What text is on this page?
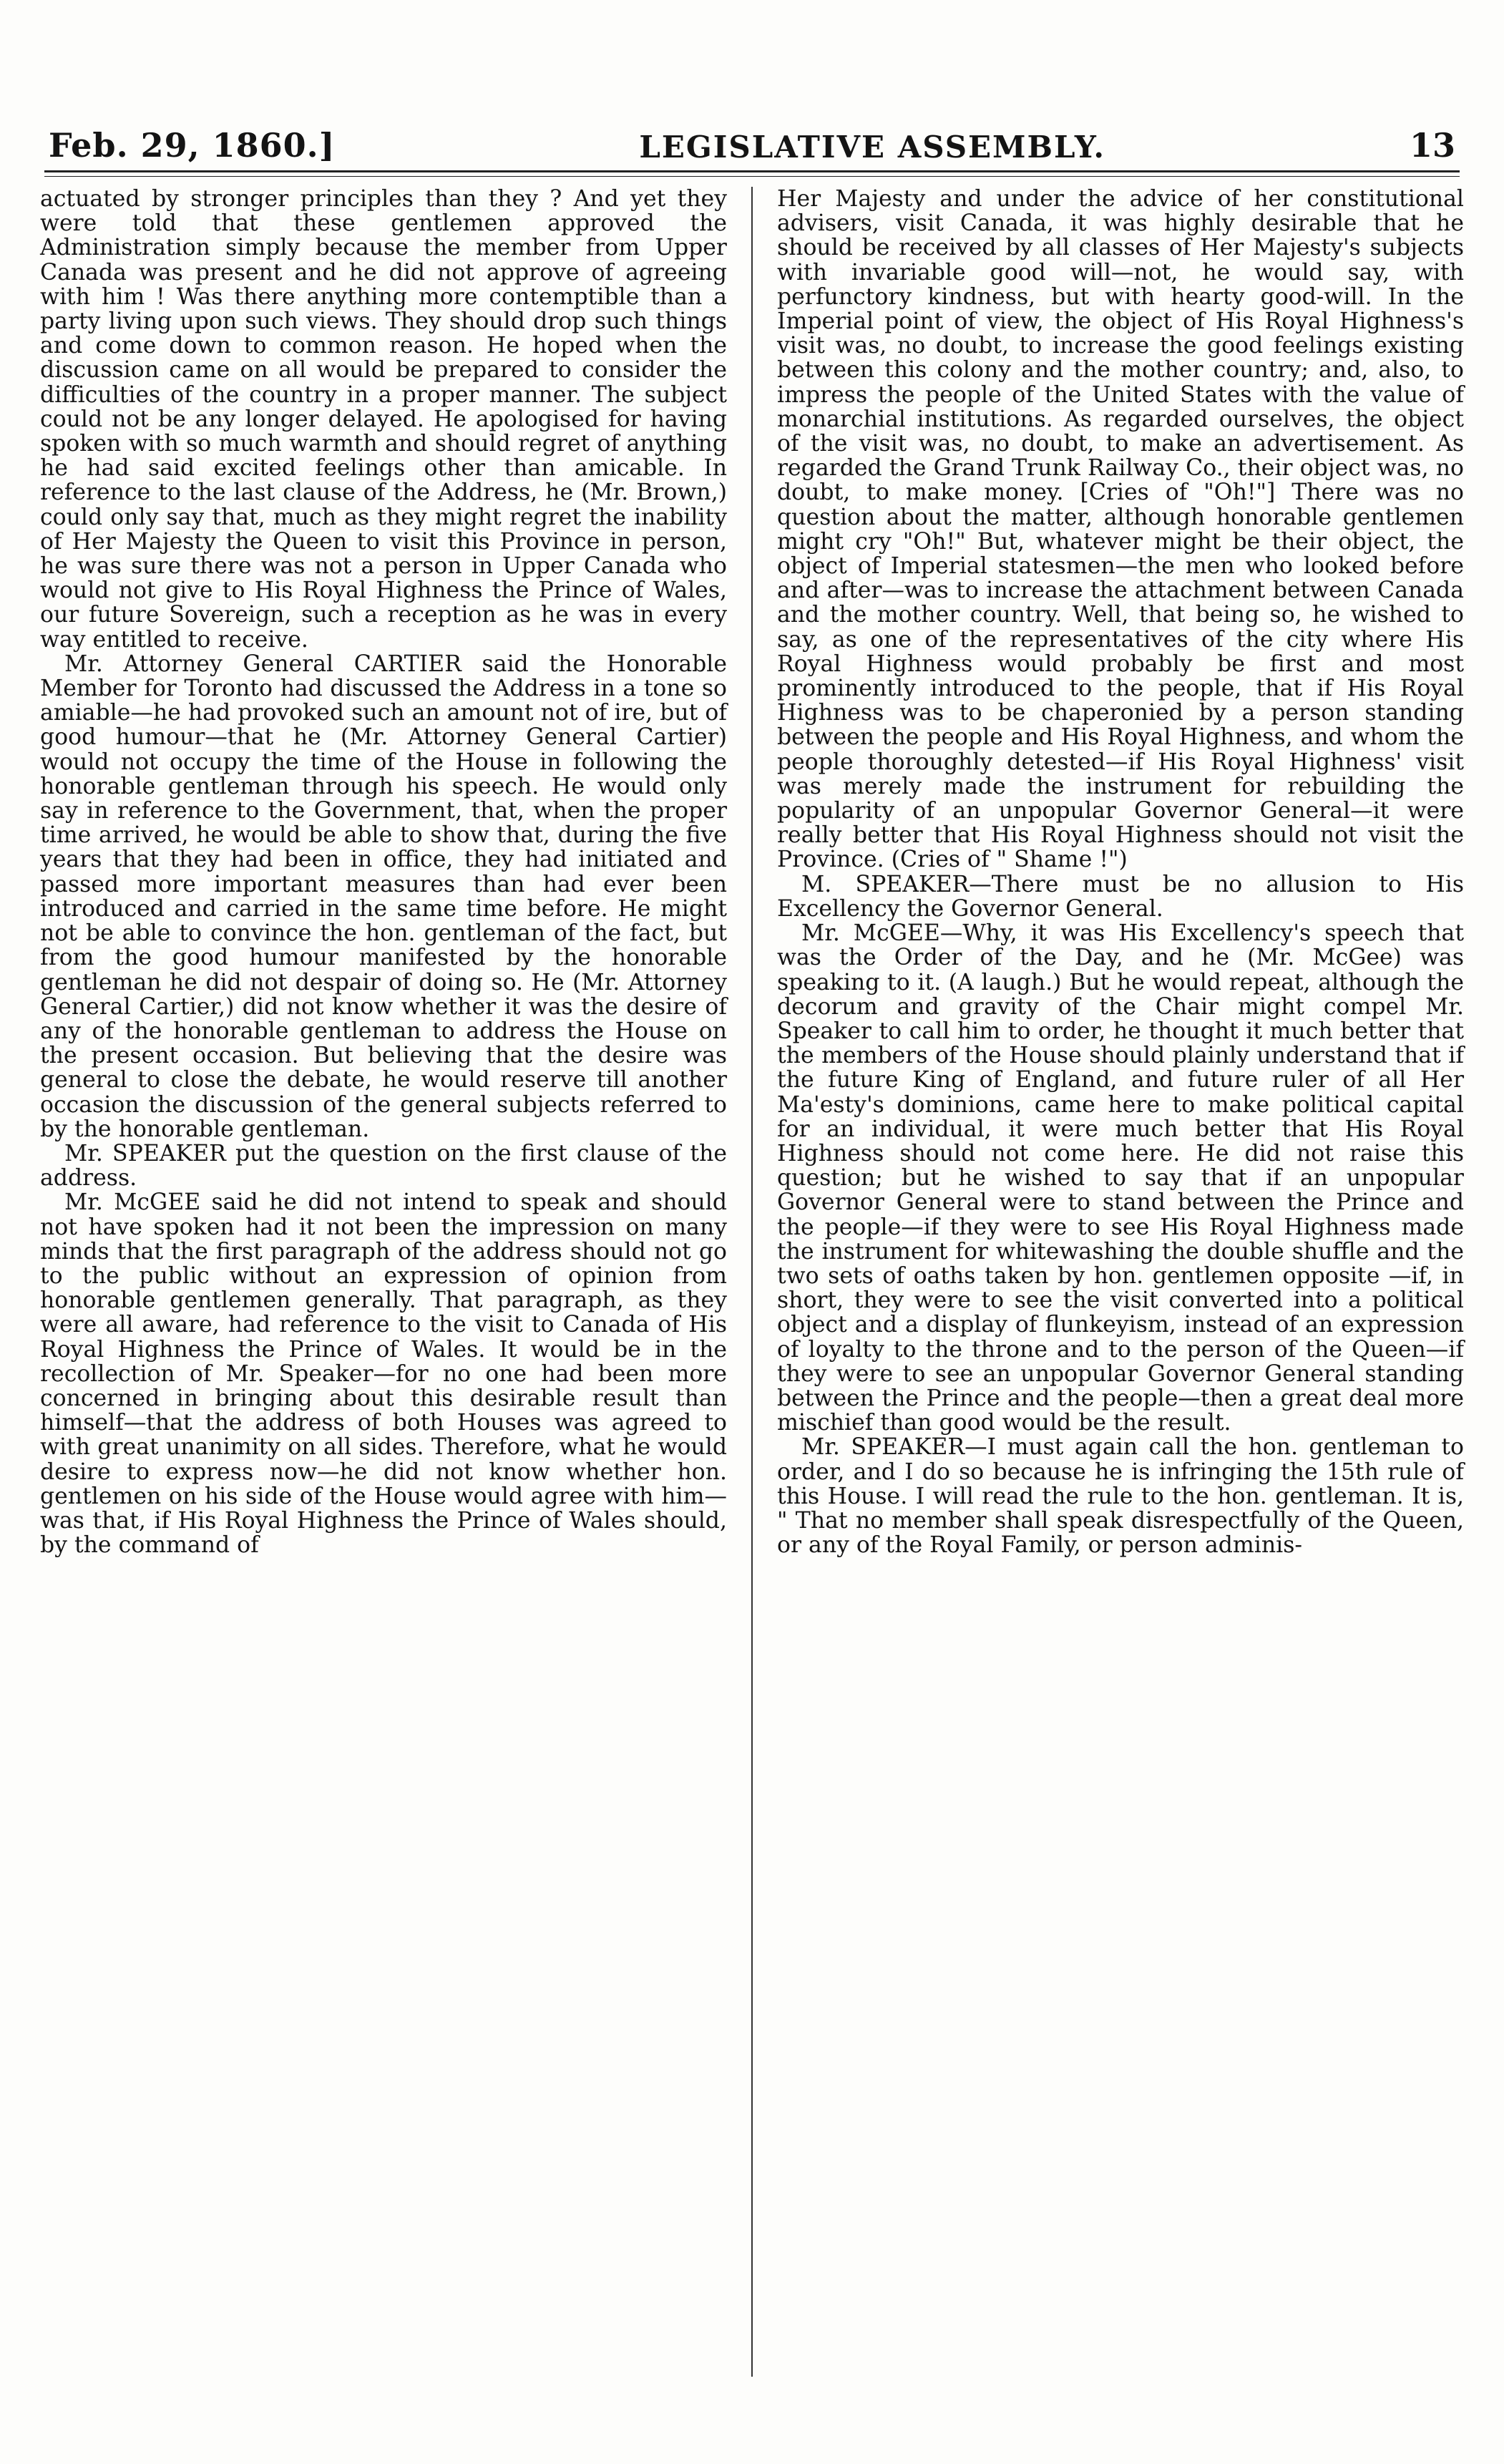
Feb. 29, 1860.]	LEGISLATIVE ASSEMBLY.	13

actuated by stronger principles than they ? And yet they were told that these gentlemen approved the Administration simply because the member from Upper Canada was present and he did not approve of agreeing with him ! Was there anything more contemptible than a party living upon such views. They should drop such things and come down to common reason. He hoped when the discussion came on all would be prepared to consider the difficulties of the country in a proper manner. The subject could not be any longer delayed. He apologised for having spoken with so much warmth and should regret of anything he had said excited feelings other than amicable. In reference to the last clause of the Address, he (Mr. Brown,) could only say that, much as they might regret the inability of Her Majesty the Queen to visit this Province in person, he was sure there was not a person in Upper Canada who would not give to His Royal Highness the Prince of Wales, our future Sovereign, such a reception as he was in every way entitled to receive.

Mr. Attorney General CARTIER said the Honorable Member for Toronto had discussed the Address in a tone so amiable—he had provoked such an amount not of ire, but of good humour—that he (Mr. Attorney General Cartier) would not occupy the time of the House in following the honorable gentleman through his speech. He would only say in reference to the Government, that, when the proper time arrived, he would be able to show that, during the five years that they had been in office, they had initiated and passed more important measures than had ever been introduced and carried in the same time before. He might not be able to convince the hon. gentleman of the fact, but from the good humour manifested by the honorable gentleman he did not despair of doing so. He (Mr. Attorney General Cartier,) did not know whether it was the desire of any of the honorable gentleman to address the House on the present occasion. But believing that the desire was general to close the debate, he would reserve till another occasion the discussion of the general subjects referred to by the honorable gentleman.

Mr. SPEAKER put the question on the first clause of the address.

Mr. McGEE said he did not intend to speak and should not have spoken had it not been the impression on many minds that the first paragraph of the address should not go to the public without an expression of opinion from honorable gentlemen generally. That paragraph, as they were all aware, had reference to the visit to Canada of His Royal Highness the Prince of Wales. It would be in the recollection of Mr. Speaker—for no one had been more concerned in bringing about this desirable result than himself—that the address of both Houses was agreed to with great unanimity on all sides. Therefore, what he would desire to express now—he did not know whether hon. gentlemen on his side of the House would agree with him—was that, if His Royal Highness the Prince of Wales should, by the command of

Her Majesty and under the advice of her constitutional advisers, visit Canada, it was highly desirable that he should be received by all classes of Her Majesty's subjects with invariable good will—not, he would say, with perfunctory kindness, but with hearty good-will. In the Imperial point of view, the object of His Royal Highness's visit was, no doubt, to increase the good feelings existing between this colony and the mother country; and, also, to impress the people of the United States with the value of monarchial institutions. As regarded ourselves, the object of the visit was, no doubt, to make an advertisement. As regarded the Grand Trunk Railway Co., their object was, no doubt, to make money. [Cries of "Oh!"] There was no question about the matter, although honorable gentlemen might cry "Oh!" But, whatever might be their object, the object of Imperial statesmen—the men who looked before and after—was to increase the attachment between Canada and the mother country. Well, that being so, he wished to say, as one of the representatives of the city where His Royal Highness would probably be first and most prominently introduced to the people, that if His Royal Highness was to be chaperonied by a person standing between the people and His Royal Highness, and whom the people thoroughly detested—if His Royal Highness' visit was merely made the instrument for rebuilding the popularity of an unpopular Governor General—it were really better that His Royal Highness should not visit the Province. (Cries of " Shame !")

M. SPEAKER—There must be no allusion to His Excellency the Governor General.

Mr. McGEE—Why, it was His Excellency's speech that was the Order of the Day, and he (Mr. McGee) was speaking to it. (A laugh.) But he would repeat, although the decorum and gravity of the Chair might compel Mr. Speaker to call him to order, he thought it much better that the members of the House should plainly understand that if the future King of England, and future ruler of all Her Ma'esty's dominions, came here to make political capital for an individual, it were much better that His Royal Highness should not come here. He did not raise this question; but he wished to say that if an unpopular Governor General were to stand between the Prince and the people—if they were to see His Royal Highness made the instrument for whitewashing the double shuffle and the two sets of oaths taken by hon. gentlemen opposite —if, in short, they were to see the visit converted into a political object and a display of flunkeyism, instead of an expression of loyalty to the throne and to the person of the Queen—if they were to see an unpopular Governor General standing between the Prince and the people—then a great deal more mischief than good would be the result.

Mr. SPEAKER—I must again call the hon. gentleman to order, and I do so because he is infringing the 15th rule of this House. I will read the rule to the hon. gentleman. It is, " That no member shall speak disrespectfully of the Queen, or any of the Royal Family, or person adminis-
